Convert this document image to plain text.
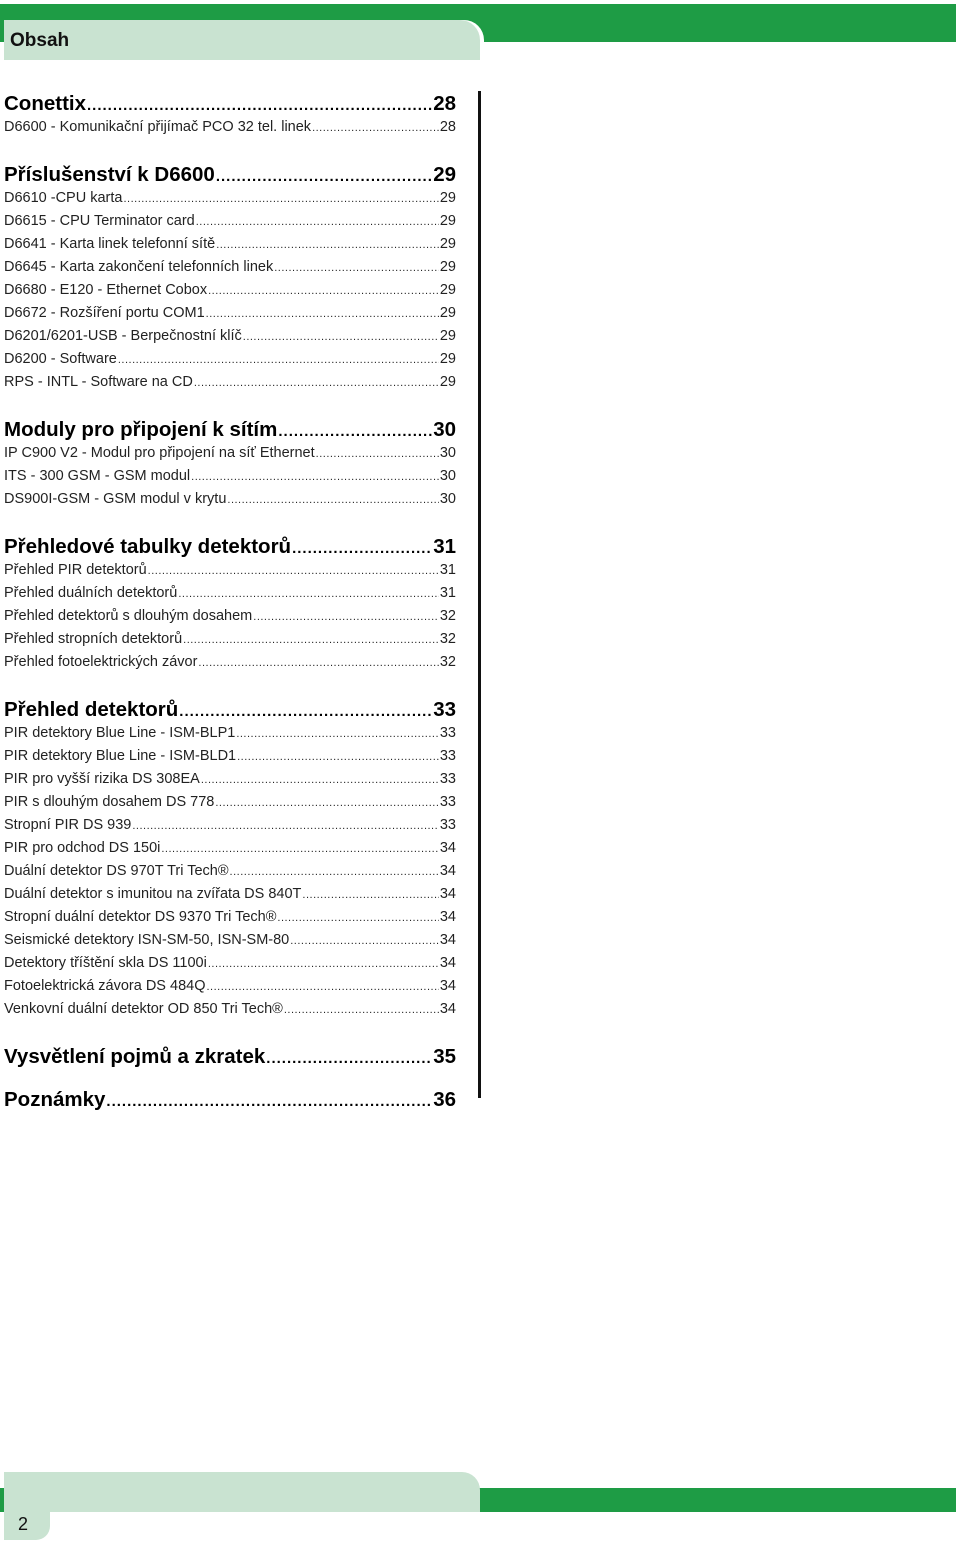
Obsah
Conettix .....	28
D6600 - Komunikační přijímač PCO 32 tel. linek .....	28
Příslušenství k D6600 .....	29
D6610 -CPU karta .....	29
D6615 - CPU Terminator card .....	29
D6641 - Karta linek telefonní sítě .....	29
D6645 - Karta zakončení telefonních linek .....	29
D6680 - E120 - Ethernet Cobox .....	29
D6672 - Rozšíření portu COM1 .....	29
D6201/6201-USB - Berpečnostní klíč .....	29
D6200 - Software .....	29
RPS - INTL - Software na CD .....	29
Moduly pro připojení k sítím .....	30
IP C900 V2 - Modul pro připojení na síť Ethernet .....	30
ITS - 300 GSM - GSM modul .....	30
DS900I-GSM - GSM modul v krytu .....	30
Přehledové tabulky detektorů .....	31
Přehled PIR detektorů .....	31
Přehled duálních detektorů .....	31
Přehled detektorů s dlouhým dosahem .....	32
Přehled stropních detektorů .....	32
Přehled fotoelektrických závor .....	32
Přehled detektorů .....	33
PIR detektory Blue Line - ISM-BLP1 .....	33
PIR detektory Blue Line - ISM-BLD1 .....	33
PIR pro vyšší rizika DS 308EA .....	33
PIR s dlouhým dosahem DS 778 .....	33
Stropní PIR DS 939 .....	33
PIR pro odchod DS 150i .....	34
Duální detektor DS 970T Tri Tech® .....	34
Duální detektor s imunitou na zvířata DS 840T .....	34
Stropní duální detektor DS 9370 Tri Tech® .....	34
Seismické detektory ISN-SM-50, ISN-SM-80 .....	34
Detektory tříštění skla DS 1100i .....	34
Fotoelektrická závora DS 484Q .....	34
Venkovní duální detektor OD 850 Tri Tech® .....	34
Vysvětlení pojmů a zkratek .....	35
Poznámky .....	36
2
